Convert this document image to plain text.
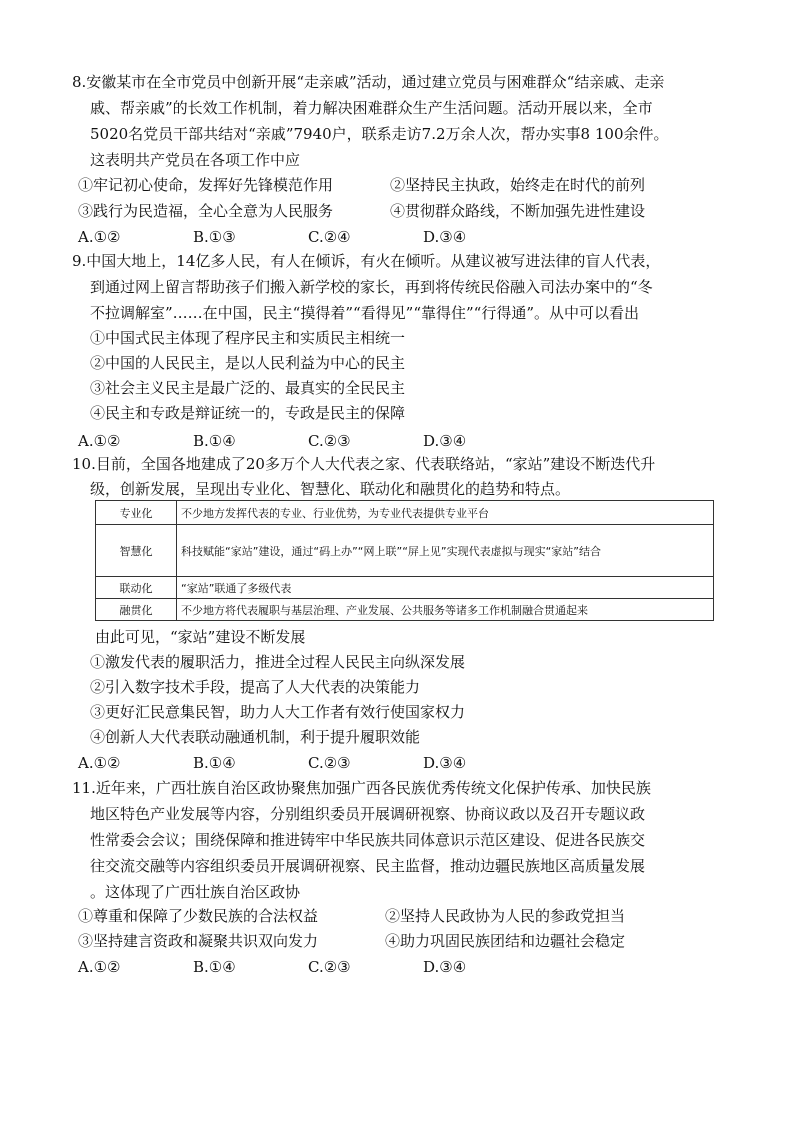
8.安徽某市在全市党员中创新开展“走亲戚”活动，通过建立党员与困难群众“结亲戚、走亲
戚、帮亲戚”的长效工作机制，着力解决困难群众生产生活问题。活动开展以来，全市
5020名党员干部共结对“亲戚”7940户，联系走访7.2万余人次，帮办实事8 100余件。
这表明共产党员在各项工作中应
①牢记初心使命，发挥好先锋模范作用	②坚持民主执政，始终走在时代的前列
③践行为民造福，全心全意为人民服务	④贯彻群众路线，不断加强先进性建设
A.①②	B.①③	C.②④	D.③④
9.中国大地上，14亿多人民，有人在倾诉，有火在倾听。从建议被写进法律的盲人代表，
到通过网上留言帮助孩子们搬入新学校的家长，再到将传统民俗融入司法办案中的“冬
不拉调解室”……在中国，民主“摸得着”“看得见”“靠得住”“行得通”。从中可以看出
①中国式民主体现了程序民主和实质民主相统一
②中国的人民民主，是以人民利益为中心的民主
③社会主义民主是最广泛的、最真实的全民民主
④民主和专政是辩证统一的，专政是民主的保障
A.①②	B.①④	C.②③	D.③④
10.目前，全国各地建成了20多万个人大代表之家、代表联络站，“家站”建设不断迭代升
级，创新发展，呈现出专业化、智慧化、联动化和融贯化的趋势和特点。
专业化	不少地方发挥代表的专业、行业优势，为专业代表提供专业平台
智慧化	科技赋能“家站”建设，通过“码上办”“网上联”“屏上见”实现代表虚拟与现实“家站”结合
联动化	“家站”联通了多级代表
融贯化	不少地方将代表履职与基层治理、产业发展、公共服务等诸多工作机制融合贯通起来
由此可见，“家站”建设不断发展
①激发代表的履职活力，推进全过程人民民主向纵深发展
②引入数字技术手段，提高了人大代表的决策能力
③更好汇民意集民智，助力人大工作者有效行使国家权力
④创新人大代表联动融通机制，利于提升履职效能
A.①②	B.①④	C.②③	D.③④
11.近年来，广西壮族自治区政协聚焦加强广西各民族优秀传统文化保护传承、加快民族
地区特色产业发展等内容，分别组织委员开展调研视察、协商议政以及召开专题议政
性常委会会议；围绕保障和推进铸牢中华民族共同体意识示范区建设、促进各民族交
往交流交融等内容组织委员开展调研视察、民主监督，推动边疆民族地区高质量发展
。这体现了广西壮族自治区政协
①尊重和保障了少数民族的合法权益	②坚持人民政协为人民的参政党担当
③坚持建言资政和凝聚共识双向发力	④助力巩固民族团结和边疆社会稳定
A.①②	B.①④	C.②③	D.③④
